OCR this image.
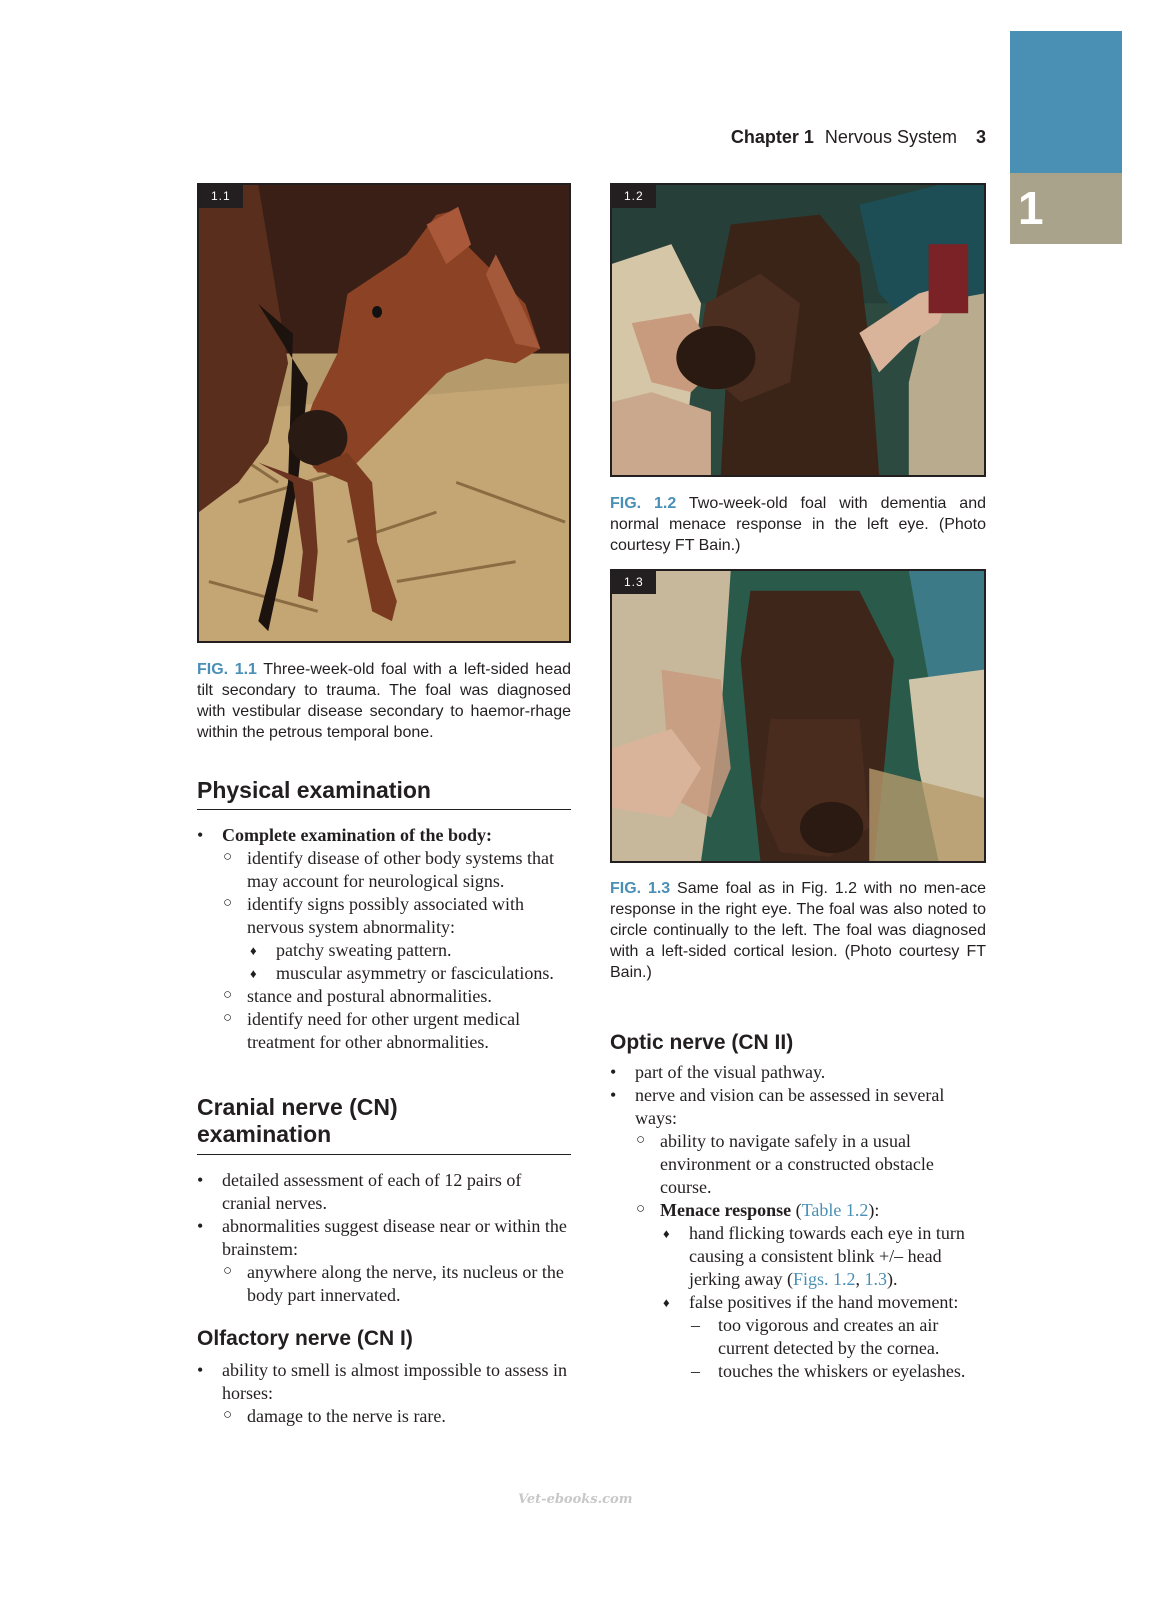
1
Chapter 1 Nervous System 3
1.1
FIG. 1.1 Three-week-old foal with a left-sided head tilt secondary to trauma. The foal was diagnosed with vestibular disease secondary to haemor-rhage within the petrous temporal bone.
1.2
FIG. 1.2 Two-week-old foal with dementia and normal menace response in the left eye. (Photo courtesy FT Bain.)
1.3
FIG. 1.3 Same foal as in Fig. 1.2 with no men-ace response in the right eye. The foal was also noted to circle continually to the left. The foal was diagnosed with a left-sided cortical lesion. (Photo courtesy FT Bain.)
Physical examination
• Complete examination of the body:
○ identify disease of other body systems that may account for neurological signs.
○ identify signs possibly associated with nervous system abnormality:
♦ patchy sweating pattern.
♦ muscular asymmetry or fasciculations.
○ stance and postural abnormalities.
○ identify need for other urgent medical treatment for other abnormalities.
Cranial nerve (CN)
examination
• detailed assessment of each of 12 pairs of cranial nerves.
• abnormalities suggest disease near or within the brainstem:
○ anywhere along the nerve, its nucleus or the body part innervated.
Olfactory nerve (CN I)
• ability to smell is almost impossible to assess in horses:
○ damage to the nerve is rare.
Optic nerve (CN II)
• part of the visual pathway.
• nerve and vision can be assessed in several ways:
○ ability to navigate safely in a usual environment or a constructed obstacle course.
○ Menace response (Table 1.2):
♦ hand flicking towards each eye in turn causing a consistent blink +/– head jerking away (Figs. 1.2, 1.3).
♦ false positives if the hand movement:
– too vigorous and creates an air current detected by the cornea.
– touches the whiskers or eyelashes.
Vet-ebooks.com
